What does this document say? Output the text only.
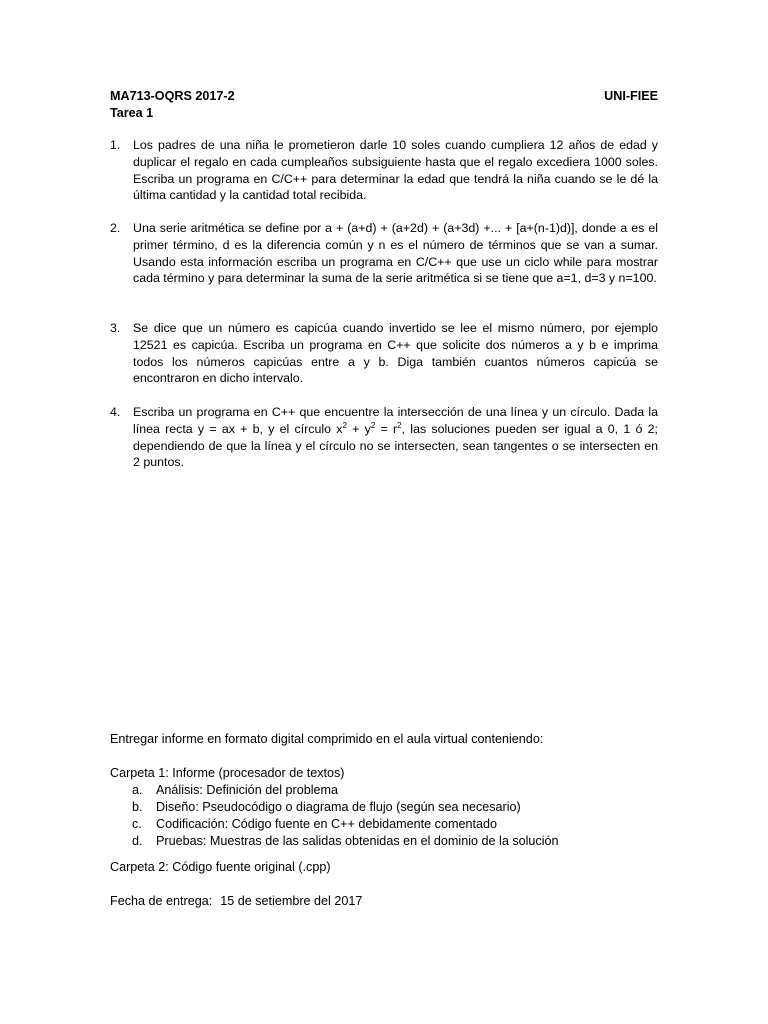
MA713-OQRS 2017-2	UNI-FIEE
Tarea 1
1.	Los padres de una niña le prometieron darle 10 soles cuando cumpliera 12 años de edad y duplicar el regalo en cada cumpleaños subsiguiente hasta que el regalo excediera 1000 soles. Escriba un programa en C/C++ para determinar la edad que tendrá la niña cuando se le dé la última cantidad y la cantidad total recibida.
2.	Una serie aritmética se define por a + (a+d) + (a+2d) + (a+3d) +... + [a+(n-1)d)], donde a es el primer término, d es la diferencia común y n es el número de términos que se van a sumar. Usando esta información escriba un programa en C/C++ que use un ciclo while para mostrar cada término y para determinar la suma de la serie aritmética si se tiene que a=1, d=3 y n=100.
3.	Se dice que un número es capicúa cuando invertido se lee el mismo número, por ejemplo 12521 es capicúa. Escriba un programa en C++ que solicite dos números a y b e imprima todos los números capicúas entre a y b. Diga también cuantos números capicúa se encontraron en dicho intervalo.
4.	Escriba un programa en C++ que encuentre la intersección de una línea y un círculo. Dada la línea recta y = ax + b, y el círculo $x^2 + y^2 = r^2$, las soluciones pueden ser igual a 0, 1 ó 2; dependiendo de que la línea y el círculo no se intersecten, sean tangentes o se intersecten en 2 puntos.
Entregar informe en formato digital comprimido en el aula virtual conteniendo:
Carpeta 1: Informe (procesador de textos)
a. Análisis: Definición del problema
b. Diseño: Pseudocódigo o diagrama de flujo (según sea necesario)
c. Codificación: Código fuente en C++ debidamente comentado
d. Pruebas: Muestras de las salidas obtenidas en el dominio de la solución
Carpeta 2: Código fuente original (.cpp)
Fecha de entrega: 15 de setiembre del 2017
